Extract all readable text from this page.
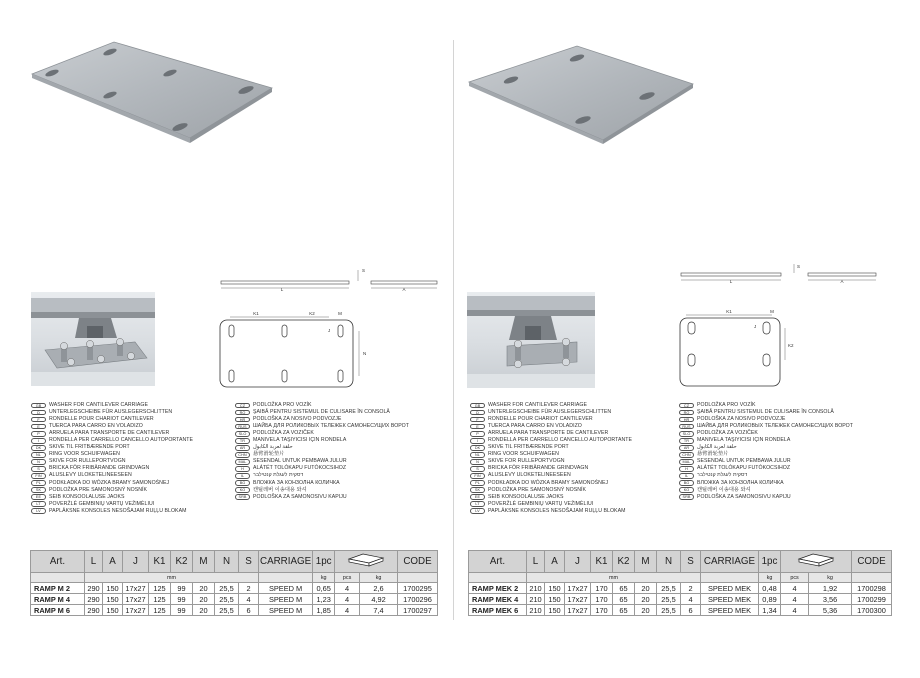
L
S
A
K1	K2	M
J
N
GB	WASHER FOR CANTILEVER CARRIAGE
D	UNTERLEGSCHEIBE FÜR AUSLEGERSCHLITTEN
F	RONDELLE POUR CHARIOT CANTILEVER
E	TUERCA PARA CARRO EN VOLADIZO
P	ARRUELA PARA TRANSPORTE DE CANTILEVER
I	RONDELLA PER CARRELLO CANCELLO AUTOPORTANTE
DK	SKIVE TIL FRITBÆRENDE PORT
NL	RING VOOR SCHUIFWAGEN
N	SKIVE FOR RULLEPORTVOGN
S	BRICKA FÖR FRIBÄRANDE GRINDVAGN
FIN	ALUSLEVY ULOKETELINEESEEN
PL	PODKŁADKA DO WÓZKA BRAMY SAMONOŚNEJ
SK	PODLOŽKA PRE SAMONOSNÝ NOSNÍK
EE	SEIB KONSOOLALUSE JAOKS
LT	POVERŽLĖ GEMBINIŲ VARTŲ VEŽIMĖLIUI
LV	PAPLĀKSNE KONSOLES NESOŠAJAM RUĻĻU BLOKAM
CZ	PODLOŽKA PRO VOZÍK
RO	ŞAIBĂ PENTRU SISTEMUL DE CULISARE ÎN CONSOLĂ
HR	PODLOŠKA ZA NOSIVO PODVOZJE
RUS	ШАЙБА ДЛЯ РОЛИКОВЫХ ТЕЛЕЖЕК САМОНЕСУЩИХ ВОРОТ
SLO	PODLOŽKA ZA VOZIČEK
TR	MANIVELA TAŞIYICISI IÇIN RONDELA
AR	حلقة لعربة الكابول
CHN	悬臂滑轮垫片
MAL	SESENDAL UNTUK PEMBAWA JULUR
H	ALÁTÉT TOLÓKAPU FUTÓKOCSIHOZ
IL	דסקית לעגלת קנטילבר
BG	ВЛОЖКА ЗА КОНЗОЛНА КОЛИЧКА
KO	캔틸레버 이송대용 와셔
SRB	PODLOŠKA ZA SAMONOSIVU KAPIJU
Art.	L	A	J	K1	K2	M	N	S	CARRIAGE	1pc			CODE
	mm									kg	pcs	kg	
RAMP M 2	290	150	17x27	125	99	20	25,5	2	SPEED M	0,65	4	2,6	1700295
RAMP M 4	290	150	17x27	125	99	20	25,5	4	SPEED M	1,23	4	4,92	1700296
RAMP M 6	290	150	17x27	125	99	20	25,5	6	SPEED M	1,85	4	7,4	1700297
L
S
A
K1	M
J
K2
GB	WASHER FOR CANTILEVER CARRIAGE
D	UNTERLEGSCHEIBE FÜR AUSLEGERSCHLITTEN
F	RONDELLE POUR CHARIOT CANTILEVER
E	TUERCA PARA CARRO EN VOLADIZO
P	ARRUELA PARA TRANSPORTE DE CANTILEVER
I	RONDELLA PER CARRELLO CANCELLO AUTOPORTANTE
DK	SKIVE TIL FRITBÆRENDE PORT
NL	RING VOOR SCHUIFWAGEN
N	SKIVE FOR RULLEPORTVOGN
S	BRICKA FÖR FRIBÄRANDE GRINDVAGN
FIN	ALUSLEVY ULOKETELINEESEEN
PL	PODKŁADKA DO WÓZKA BRAMY SAMONOŚNEJ
SK	PODLOŽKA PRE SAMONOSNÝ NOSNÍK
EE	SEIB KONSOOLALUSE JAOKS
LT	POVERŽLĖ GEMBINIŲ VARTŲ VEŽIMĖLIUI
LV	PAPLĀKSNE KONSOLES NESOŠAJAM RUĻĻU BLOKAM
CZ	PODLOŽKA PRO VOZÍK
RO	ŞAIBĂ PENTRU SISTEMUL DE CULISARE ÎN CONSOLĂ
HR	PODLOŠKA ZA NOSIVO PODVOZJE
RUS	ШАЙБА ДЛЯ РОЛИКОВЫХ ТЕЛЕЖЕК САМОНЕСУЩИХ ВОРОТ
SLO	PODLOŽKA ZA VOZIČEK
TR	MANIVELA TAŞIYICISI IÇIN RONDELA
AR	حلقة لعربة الكابول
CHN	悬臂滑轮垫片
MAL	SESENDAL UNTUK PEMBAWA JULUR
H	ALÁTÉT TOLÓKAPU FUTÓKOCSIHOZ
IL	דסקית לעגלת קנטילבר
BG	ВЛОЖКА ЗА КОНЗОЛНА КОЛИЧКА
KO	캔틸레버 이송대용 와셔
SRB	PODLOŠKA ZA SAMONOSIVU KAPIJU
Art.	L	A	J	K1	K2	M	N	S	CARRIAGE	1pc			CODE
	mm									kg	pcs	kg	
RAMP MEK 2	210	150	17x27	170	65	20	25,5	2	SPEED MEK	0,48	4	1,92	1700298
RAMP MEK 4	210	150	17x27	170	65	20	25,5	4	SPEED MEK	0,89	4	3,56	1700299
RAMP MEK 6	210	150	17x27	170	65	20	25,5	6	SPEED MEK	1,34	4	5,36	1700300
